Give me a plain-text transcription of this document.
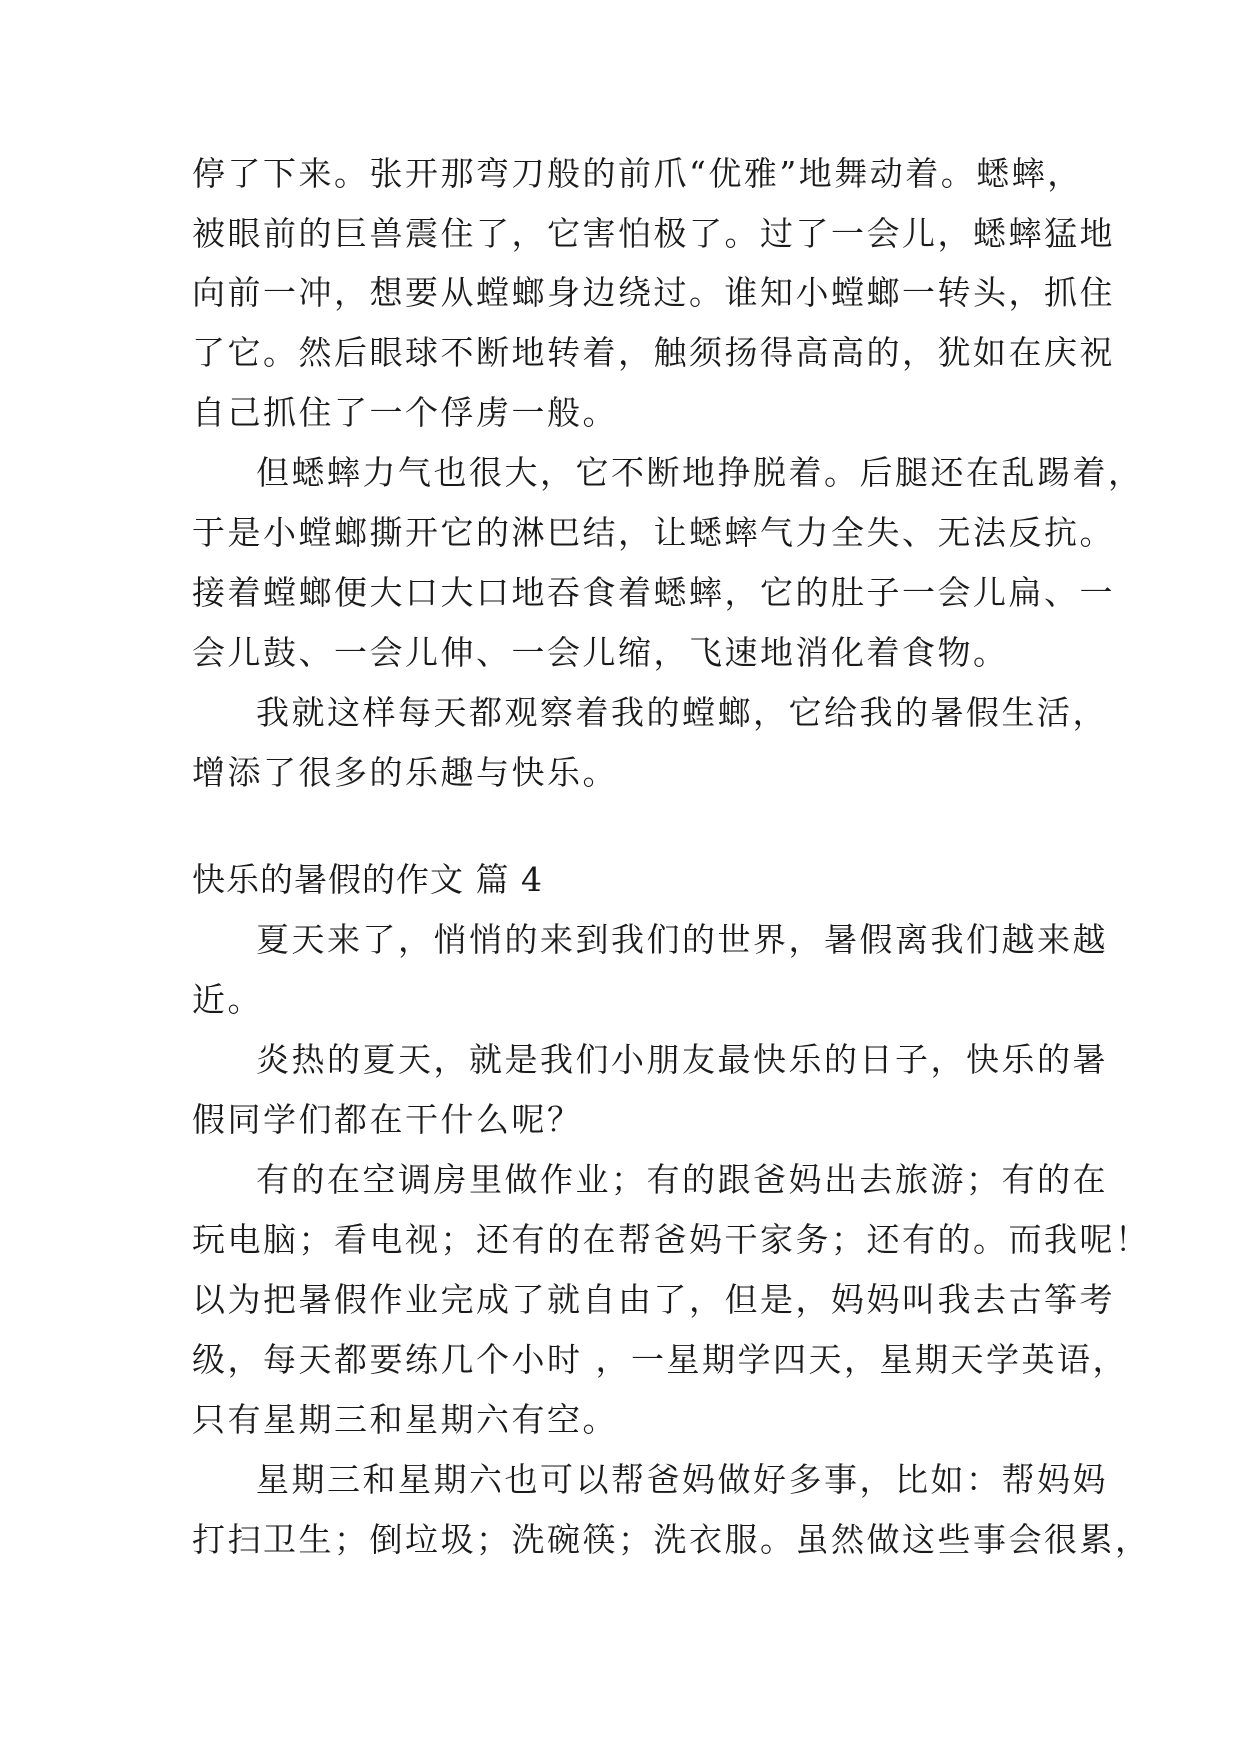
停了下来。张开那弯刀般的前爪“优雅”地舞动着。蟋蟀，
被眼前的巨兽震住了，它害怕极了。过了一会儿，蟋蟀猛地
向前一冲，想要从螳螂身边绕过。谁知小螳螂一转头，抓住
了它。然后眼球不断地转着，触须扬得高高的，犹如在庆祝
自己抓住了一个俘虏一般。
但蟋蟀力气也很大，它不断地挣脱着。后腿还在乱踢着，
于是小螳螂撕开它的淋巴结，让蟋蟀气力全失、无法反抗。
接着螳螂便大口大口地吞食着蟋蟀，它的肚子一会儿扁、一
会儿鼓、一会儿伸、一会儿缩，飞速地消化着食物。
我就这样每天都观察着我的螳螂，它给我的暑假生活，
增添了很多的乐趣与快乐。
快乐的暑假的作文 篇 4
夏天来了，悄悄的来到我们的世界，暑假离我们越来越
近。
炎热的夏天，就是我们小朋友最快乐的日子，快乐的暑
假同学们都在干什么呢？
有的在空调房里做作业；有的跟爸妈出去旅游；有的在
玩电脑；看电视；还有的在帮爸妈干家务；还有的。而我呢！
以为把暑假作业完成了就自由了，但是，妈妈叫我去古筝考
级，每天都要练几个小时 ，一星期学四天，星期天学英语，
只有星期三和星期六有空。
星期三和星期六也可以帮爸妈做好多事，比如：帮妈妈
打扫卫生；倒垃圾；洗碗筷；洗衣服。虽然做这些事会很累，
